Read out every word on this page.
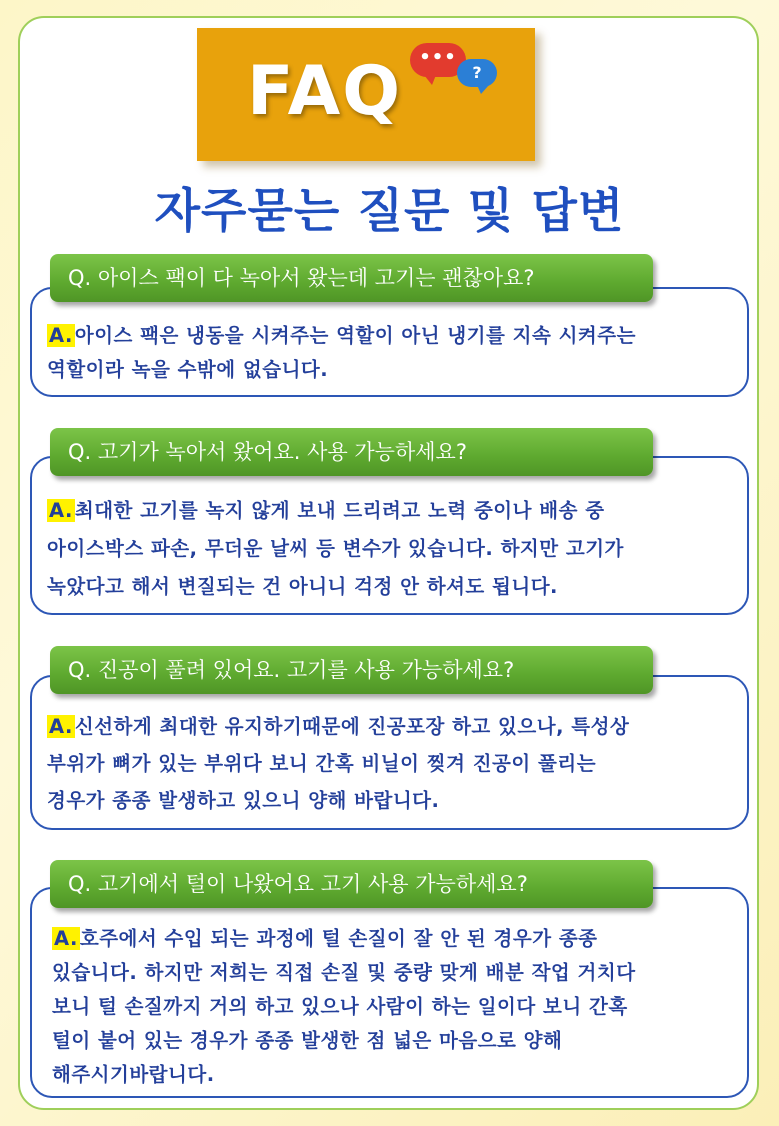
FAQ •••
?
자주묻는 질문 및 답변
Q. 아이스 팩이 다 녹아서 왔는데 고기는 괜찮아요?
A. 아이스 팩은 냉동을 시켜주는 역할이 아닌 냉기를 지속 시켜주는
역할이라 녹을 수밖에 없습니다.
Q. 고기가 녹아서 왔어요. 사용 가능하세요?
A. 최대한 고기를 녹지 않게 보내 드리려고 노력 중이나 배송 중
아이스박스 파손, 무더운 날씨 등 변수가 있습니다. 하지만 고기가
녹았다고 해서 변질되는 건 아니니 걱정 안 하셔도 됩니다.
Q. 진공이 풀려 있어요. 고기를 사용 가능하세요?
A. 신선하게 최대한 유지하기때문에 진공포장 하고 있으나, 특성상
부위가 뼈가 있는 부위다 보니 간혹 비닐이 찢겨 진공이 풀리는
경우가 종종 발생하고 있으니 양해 바랍니다.
Q. 고기에서 털이 나왔어요 고기 사용 가능하세요?
A. 호주에서 수입 되는 과정에 털 손질이 잘 안 된 경우가 종종
있습니다. 하지만 저희는 직접 손질 및 중량 맞게 배분 작업 거치다
보니 털 손질까지 거의 하고 있으나 사람이 하는 일이다 보니 간혹
털이 붙어 있는 경우가 종종 발생한 점 넓은 마음으로 양해
해주시기바랍니다.
